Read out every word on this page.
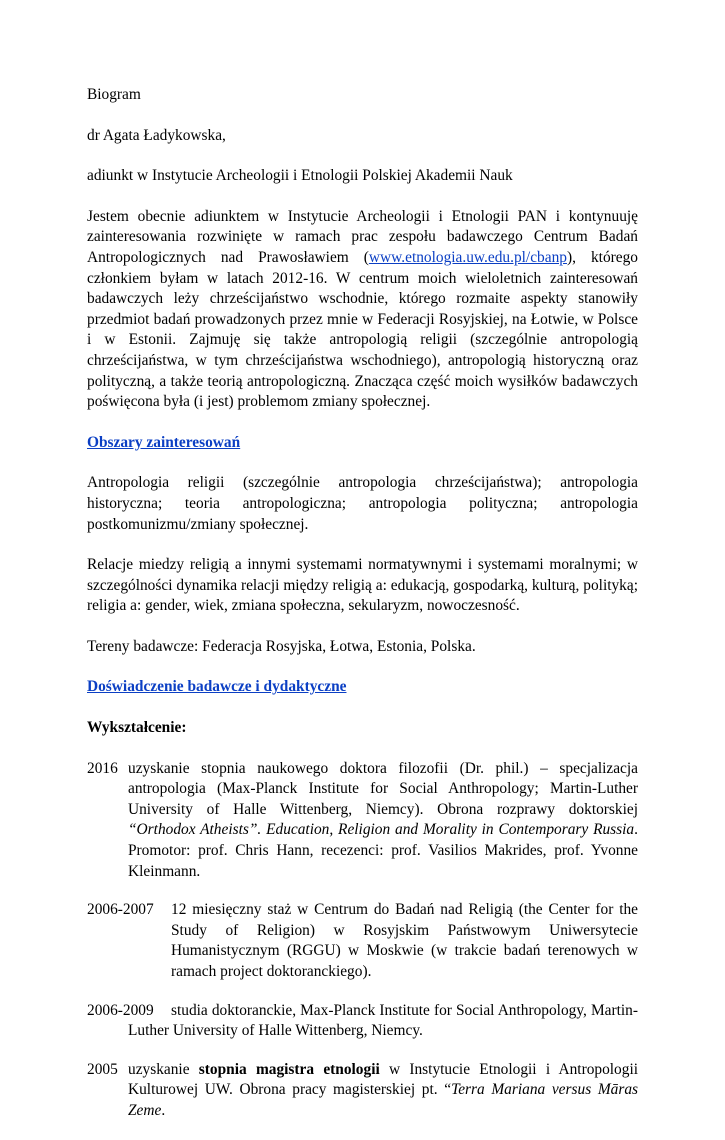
Biogram

dr Agata Ładykowska,

adiunkt w Instytucie Archeologii i Etnologii Polskiej Akademii Nauk

Jestem obecnie adiunktem w Instytucie Archeologii i Etnologii PAN i kontynuuję zainteresowania rozwinięte w ramach prac zespołu badawczego Centrum Badań Antropologicznych nad Prawosławiem (www.etnologia.uw.edu.pl/cbanp), którego członkiem byłam w latach 2012-16. W centrum moich wieloletnich zainteresowań badawczych leży chrześcijaństwo wschodnie, którego rozmaite aspekty stanowiły przedmiot badań prowadzonych przez mnie w Federacji Rosyjskiej, na Łotwie, w Polsce i w Estonii. Zajmuję się także antropologią religii (szczególnie antropologią chrześcijaństwa, w tym chrześcijaństwa wschodniego), antropologią historyczną oraz polityczną, a także teorią antropologiczną. Znacząca część moich wysiłków badawczych poświęcona była (i jest) problemom zmiany społecznej.

Obszary zainteresowań

Antropologia religii (szczególnie antropologia chrześcijaństwa); antropologia historyczna; teoria antropologiczna; antropologia polityczna; antropologia postkomunizmu/zmiany społecznej.

Relacje miedzy religią a innymi systemami normatywnymi i systemami moralnymi; w szczególności dynamika relacji między religią a: edukacją, gospodarką, kulturą, polityką; religia a: gender, wiek, zmiana społeczna, sekularyzm, nowoczesność.

Tereny badawcze: Federacja Rosyjska, Łotwa, Estonia, Polska.

Doświadczenie badawcze i dydaktyczne

Wykształcenie:

2016 uzyskanie stopnia naukowego doktora filozofii (Dr. phil.) – specjalizacja antropologia (Max-Planck Institute for Social Anthropology; Martin-Luther University of Halle Wittenberg, Niemcy). Obrona rozprawy doktorskiej “Orthodox Atheists”. Education, Religion and Morality in Contemporary Russia. Promotor: prof. Chris Hann, recezenci: prof. Vasilios Makrides, prof. Yvonne Kleinmann.
2006-2007 12 miesięczny staż w Centrum do Badań nad Religią (the Center for the Study of Religion) w Rosyjskim Państwowym Uniwersytecie Humanistycznym (RGGU) w Moskwie (w trakcie badań terenowych w ramach project doktoranckiego).
2006-2009 studia doktoranckie, Max-Planck Institute for Social Anthropology, Martin-Luther University of Halle Wittenberg, Niemcy.
2005 uzyskanie stopnia magistra etnologii w Instytucie Etnologii i Antropologii Kulturowej UW. Obrona pracy magisterskiej pt. “Terra Mariana versus Māras Zeme.
